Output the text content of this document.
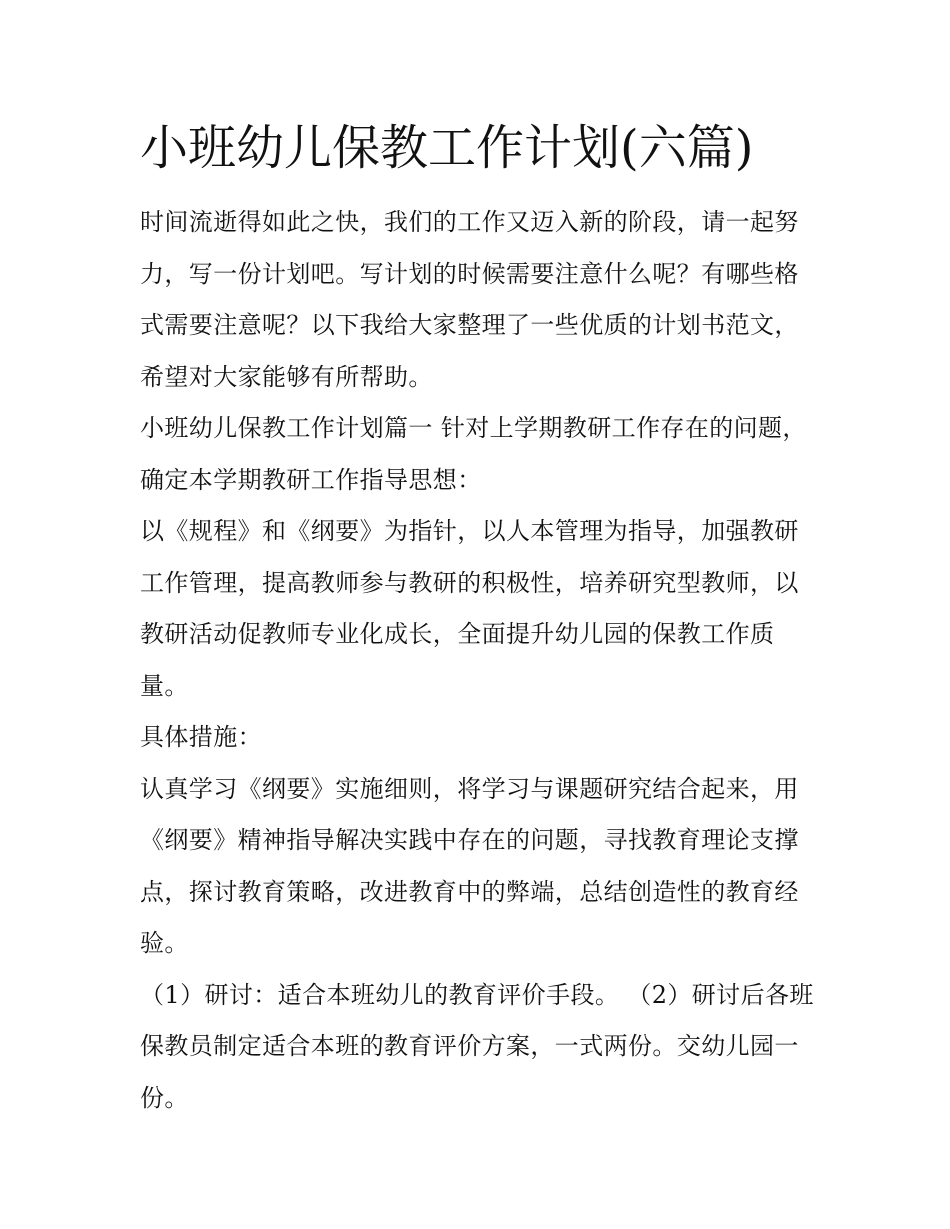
小班幼儿保教工作计划(六篇)

时间流逝得如此之快，我们的工作又迈入新的阶段，请一起努力，写一份计划吧。写计划的时候需要注意什么呢？有哪些格式需要注意呢？以下我给大家整理了一些优质的计划书范文，希望对大家能够有所帮助。

小班幼儿保教工作计划篇一 针对上学期教研工作存在的问题，确定本学期教研工作指导思想：

以《规程》和《纲要》为指针，以人本管理为指导，加强教研工作管理，提高教师参与教研的积极性，培养研究型教师，以教研活动促教师专业化成长，全面提升幼儿园的保教工作质量。

具体措施：

认真学习《纲要》实施细则，将学习与课题研究结合起来，用《纲要》精神指导解决实践中存在的问题，寻找教育理论支撑点，探讨教育策略，改进教育中的弊端，总结创造性的教育经验。

（1）研讨：适合本班幼儿的教育评价手段。 （2）研讨后各班保教员制定适合本班的教育评价方案，一式两份。交幼儿园一份。
